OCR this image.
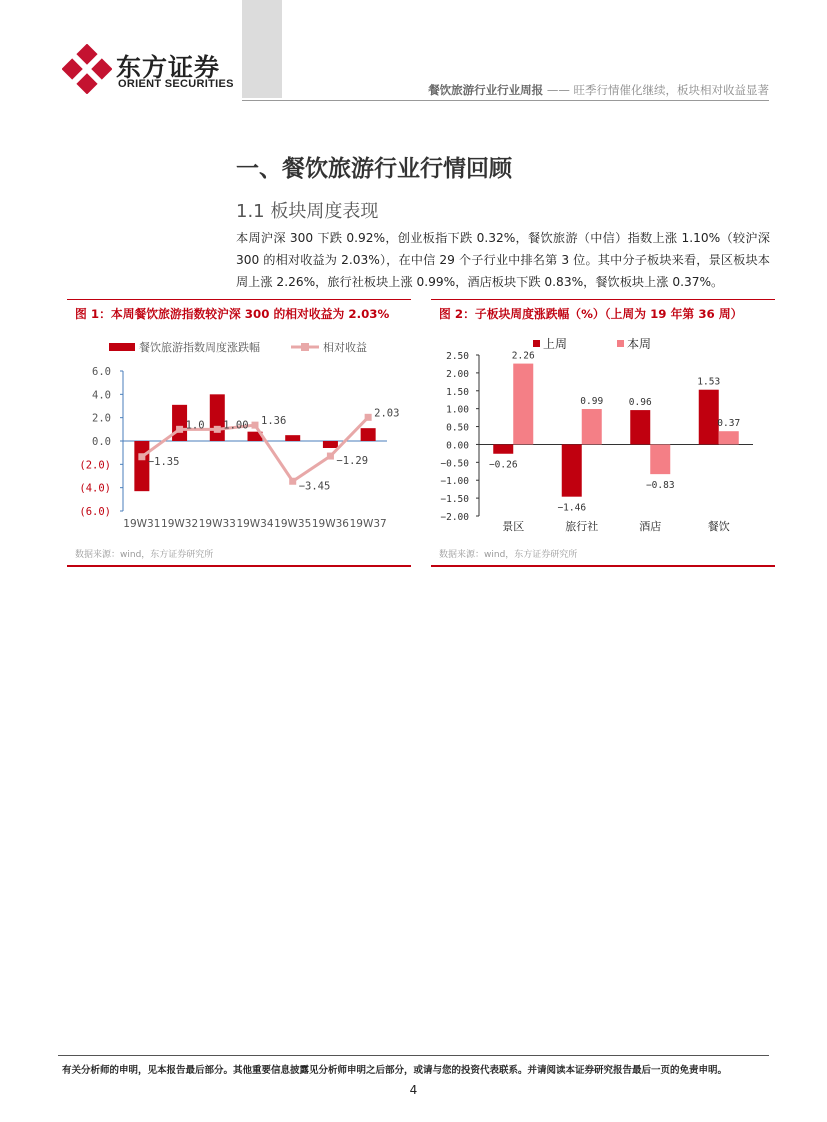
东方证券
ORIENT SECURITIES	餐饮旅游行业行业周报 —— 旺季行情催化继续，板块相对收益显著
一、餐饮旅游行业行情回顾
1.1 板块周度表现
本周沪深 300 下跌 0.92%，创业板指下跌 0.32%，餐饮旅游（中信）指数上涨 1.10%（较沪深300 的相对收益为 2.03%），在中信 29 个子行业中排名第 3 位。其中分子板块来看，景区板块本周上涨 2.26%，旅行社板块上涨 0.99%，酒店板块下跌 0.83%，餐饮板块上涨 0.37%。
图 1：本周餐饮旅游指数较沪深 300 的相对收益为 2.03%
餐饮旅游指数周度涨跌幅	相对收益
6.0
4.0
2.0
0.0
(2.0)
(4.0)
(6.0)
−1.35
1.0 1.00 1.36
−3.45
−1.29
2.03
19W31 19W32 19W33 19W34 19W35 19W36 19W37
数据来源：wind，东方证券研究所
图 2：子板块周度涨跌幅（%）（上周为 19 年第 36 周）
上周	本周
2.50
2.00
1.50
1.00
0.50
0.00
−0.50
−1.00
−1.50
−2.00
−0.26
−1.46
0.96
1.53
2.26
0.99
−0.83
0.37
景区	旅行社	酒店	餐饮
数据来源：wind，东方证券研究所
有关分析师的申明，见本报告最后部分。其他重要信息披露见分析师申明之后部分，或请与您的投资代表联系。并请阅读本证券研究报告最后一页的免责申明。
4
